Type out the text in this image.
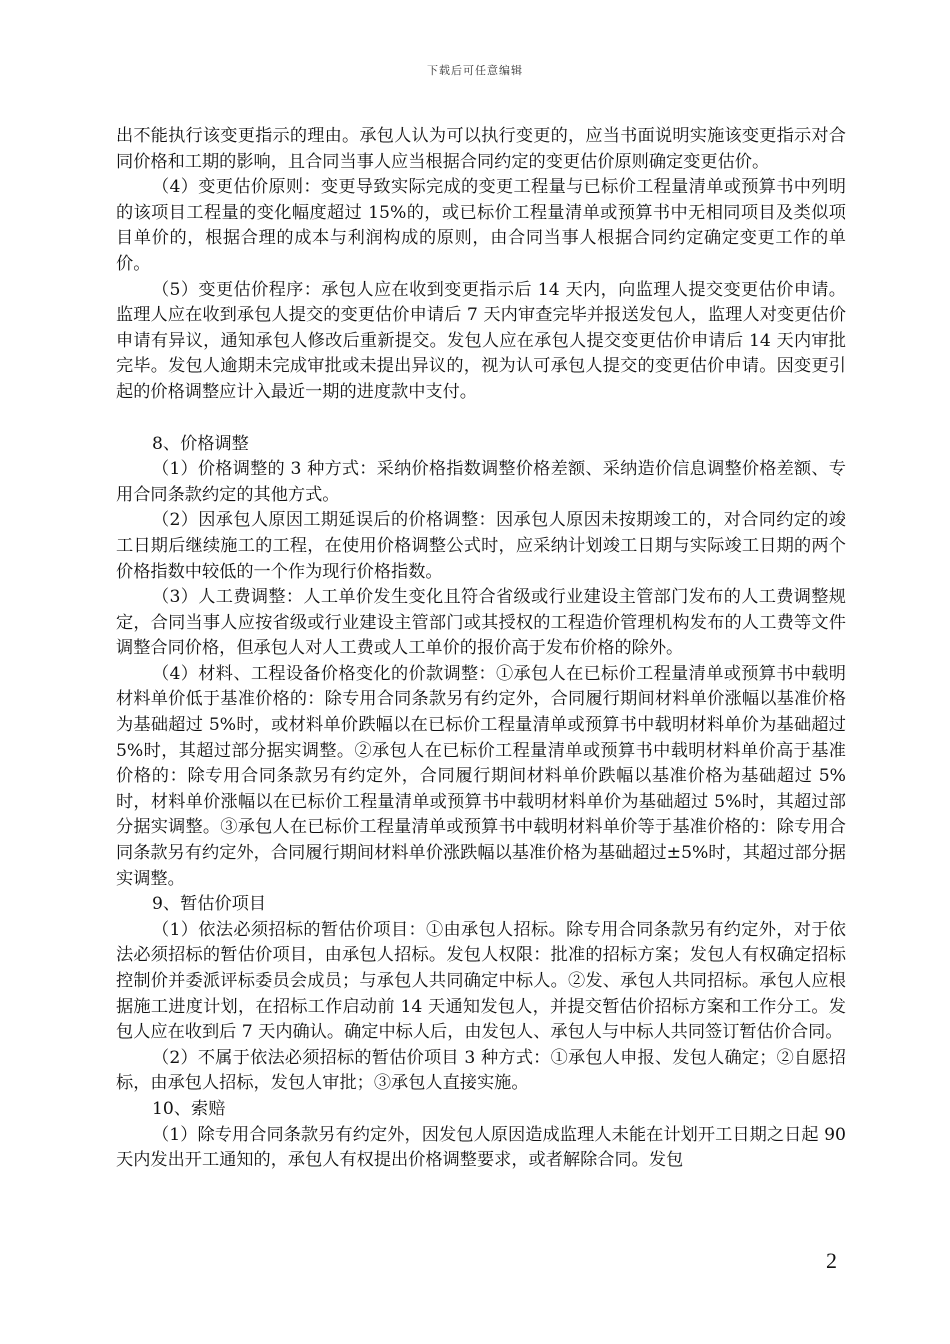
下载后可任意编辑

出不能执行该变更指示的理由。承包人认为可以执行变更的，应当书面说明实施该变更指示对合同价格和工期的影响，且合同当事人应当根据合同约定的变更估价原则确定变更估价。

（4）变更估价原则：变更导致实际完成的变更工程量与已标价工程量清单或预算书中列明的该项目工程量的变化幅度超过 15%的，或已标价工程量清单或预算书中无相同项目及类似项目单价的，根据合理的成本与利润构成的原则，由合同当事人根据合同约定确定变更工作的单价。

（5）变更估价程序：承包人应在收到变更指示后 14 天内，向监理人提交变更估价申请。监理人应在收到承包人提交的变更估价申请后 7 天内审查完毕并报送发包人，监理人对变更估价申请有异议，通知承包人修改后重新提交。发包人应在承包人提交变更估价申请后 14 天内审批完毕。发包人逾期未完成审批或未提出异议的，视为认可承包人提交的变更估价申请。因变更引起的价格调整应计入最近一期的进度款中支付。

8、价格调整

（1）价格调整的 3 种方式：采纳价格指数调整价格差额、采纳造价信息调整价格差额、专用合同条款约定的其他方式。

（2）因承包人原因工期延误后的价格调整：因承包人原因未按期竣工的，对合同约定的竣工日期后继续施工的工程，在使用价格调整公式时，应采纳计划竣工日期与实际竣工日期的两个价格指数中较低的一个作为现行价格指数。

（3）人工费调整：人工单价发生变化且符合省级或行业建设主管部门发布的人工费调整规定，合同当事人应按省级或行业建设主管部门或其授权的工程造价管理机构发布的人工费等文件调整合同价格，但承包人对人工费或人工单价的报价高于发布价格的除外。

（4）材料、工程设备价格变化的价款调整：①承包人在已标价工程量清单或预算书中载明材料单价低于基准价格的：除专用合同条款另有约定外，合同履行期间材料单价涨幅以基准价格为基础超过 5%时，或材料单价跌幅以在已标价工程量清单或预算书中载明材料单价为基础超过 5%时，其超过部分据实调整。②承包人在已标价工程量清单或预算书中载明材料单价高于基准价格的：除专用合同条款另有约定外，合同履行期间材料单价跌幅以基准价格为基础超过 5%时，材料单价涨幅以在已标价工程量清单或预算书中载明材料单价为基础超过 5%时，其超过部分据实调整。③承包人在已标价工程量清单或预算书中载明材料单价等于基准价格的：除专用合同条款另有约定外，合同履行期间材料单价涨跌幅以基准价格为基础超过±5%时，其超过部分据实调整。

9、暂估价项目

（1）依法必须招标的暂估价项目：①由承包人招标。除专用合同条款另有约定外，对于依法必须招标的暂估价项目，由承包人招标。发包人权限：批准的招标方案；发包人有权确定招标控制价并委派评标委员会成员；与承包人共同确定中标人。②发、承包人共同招标。承包人应根据施工进度计划，在招标工作启动前 14 天通知发包人，并提交暂估价招标方案和工作分工。发包人应在收到后 7 天内确认。确定中标人后，由发包人、承包人与中标人共同签订暂估价合同。

（2）不属于依法必须招标的暂估价项目 3 种方式：①承包人申报、发包人确定；②自愿招标，由承包人招标，发包人审批；③承包人直接实施。

10、索赔

（1）除专用合同条款另有约定外，因发包人原因造成监理人未能在计划开工日期之日起 90 天内发出开工通知的，承包人有权提出价格调整要求，或者解除合同。发包

2
